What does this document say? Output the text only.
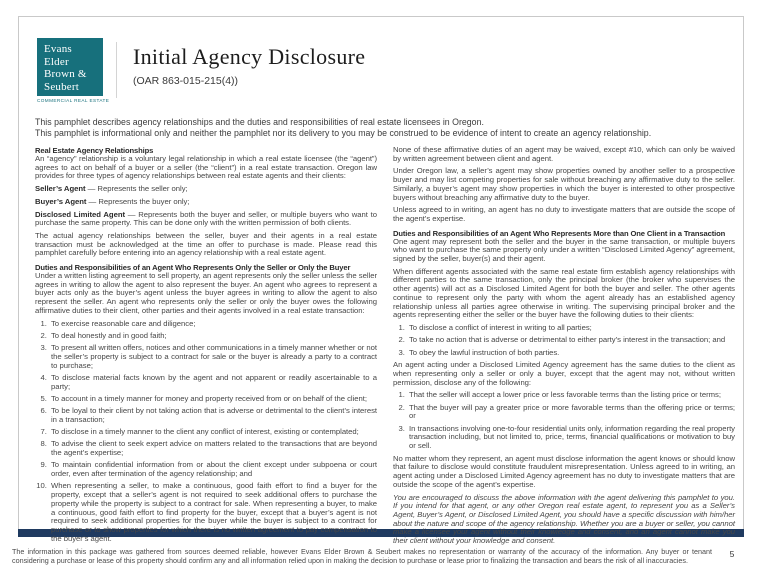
Evans
Elder
Brown &
Seubert
COMMERCIAL REAL ESTATE
Initial Agency Disclosure
(OAR 863-015-215(4))
This pamphlet describes agency relationships and the duties and responsibilities of real estate licensees in Oregon.
This pamphlet is informational only and neither the pamphlet nor its delivery to you may be construed to be evidence of intent to create an agency relationship.
Real Estate Agency Relationships

An “agency” relationship is a voluntary legal relationship in which a real estate licensee (the “agent”) agrees to act on behalf of a buyer or a seller (the “client”) in a real estate transaction. Oregon law provides for three types of agency relationships between real estate agents and their clients:

Seller’s Agent — Represents the seller only;

Buyer’s Agent — Represents the buyer only;

Disclosed Limited Agent — Represents both the buyer and seller, or multiple buyers who want to purchase the same property. This can be done only with the written permission of both clients.

The actual agency relationships between the seller, buyer and their agents in a real estate transaction must be acknowledged at the time an offer to purchase is made. Please read this pamphlet carefully before entering into an agency relationship with a real estate agent.

Duties and Responsibilities of an Agent Who Represents Only the Seller or Only the Buyer

Under a written listing agreement to sell property, an agent represents only the seller unless the seller agrees in writing to allow the agent to also represent the buyer. An agent who agrees to represent a buyer acts only as the buyer’s agent unless the buyer agrees in writing to allow the agent to also represent the seller. An agent who represents only the seller or only the buyer owes the following affirmative duties to their client, other parties and their agents involved in a real estate transaction:

1. To exercise reasonable care and diligence;
2. To deal honestly and in good faith;
3. To present all written offers, notices and other communications in a timely manner whether or not the seller’s property is subject to a contract for sale or the buyer is already a party to a contract to purchase;
4. To disclose material facts known by the agent and not apparent or readily ascertainable to a party;
5. To account in a timely manner for money and property received from or on behalf of the client;
6. To be loyal to their client by not taking action that is adverse or detrimental to the client’s interest in a transaction;
7. To disclose in a timely manner to the client any conflict of interest, existing or contemplated;
8. To advise the client to seek expert advice on matters related to the transactions that are beyond the agent’s expertise;
9. To maintain confidential information from or about the client except under subpoena or court order, even after termination of the agency relationship; and
10. When representing a seller, to make a continuous, good faith effort to find a buyer for the property, except that a seller’s agent is not required to seek additional offers to purchase the property while the property is subject to a contract for sale. When representing a buyer, to make a continuous, good faith effort to find property for the buyer, except that a buyer’s agent is not required to seek additional properties for the buyer while the buyer is subject to a contract for purchase or to show properties for which there is no written agreement to pay compensation to the buyer’s agent.

None of these affirmative duties of an agent may be waived, except #10, which can only be waived by written agreement between client and agent.

Under Oregon law, a seller’s agent may show properties owned by another seller to a prospective buyer and may list competing properties for sale without breaching any affirmative duty to the seller. Similarly, a buyer’s agent may show properties in which the buyer is interested to other prospective buyers without breaching any affirmative duty to the buyer.

Unless agreed to in writing, an agent has no duty to investigate matters that are outside the scope of the agent’s expertise.

Duties and Responsibilities of an Agent Who Represents More than One Client in a Transaction

One agent may represent both the seller and the buyer in the same transaction, or multiple buyers who want to purchase the same property only under a written “Disclosed Limited Agency” agreement, signed by the seller, buyer(s) and their agent.

When different agents associated with the same real estate firm establish agency relationships with different parties to the same transaction, only the principal broker (the broker who supervises the other agents) will act as a Disclosed Limited Agent for both the buyer and seller. The other agents continue to represent only the party with whom the agent already has an established agency relationship unless all parties agree otherwise in writing. The supervising principal broker and the agents representing either the seller or the buyer have the following duties to their clients:

1. To disclose a conflict of interest in writing to all parties;
2. To take no action that is adverse or detrimental to either party’s interest in the transaction; and
3. To obey the lawful instruction of both parties.

An agent acting under a Disclosed Limited Agency agreement has the same duties to the client as when representing only a seller or only a buyer, except that the agent may not, without written permission, disclose any of the following:

1. That the seller will accept a lower price or less favorable terms than the listing price or terms;
2. That the buyer will pay a greater price or more favorable terms than the offering price or terms; or
3. In transactions involving one-to-four residential units only, information regarding the real property transaction including, but not limited to, price, terms, financial qualifications or motivation to buy or sell.

No matter whom they represent, an agent must disclose information the agent knows or should know that failure to disclose would constitute fraudulent misrepresentation. Unless agreed to in writing, an agent acting under a Disclosed Limited Agency agreement has no duty to investigate matters that are outside the scope of the agent’s expertise.

You are encouraged to discuss the above information with the agent delivering this pamphlet to you. If you intend for that agent, or any other Oregon real estate agent, to represent you as a Seller’s Agent, Buyer’s Agent, or Disclosed Limited Agent, you should have a specific discussion with him/her about the nature and scope of the agency relationship. Whether you are a buyer or seller, you cannot make a licensee your agent without their knowledge and consent, and an agent cannot make you their client without your knowledge and consent.

The information in this package was gathered from sources deemed reliable, however Evans Elder Brown & Seubert makes no representation or warranty of the accuracy of the information. Any buyer or tenant considering a purchase or lease of this property should confirm any and all information relied upon in making the decision to purchase or lease prior to finalizing the transaction and bears the risk of all inaccuracies.
5
